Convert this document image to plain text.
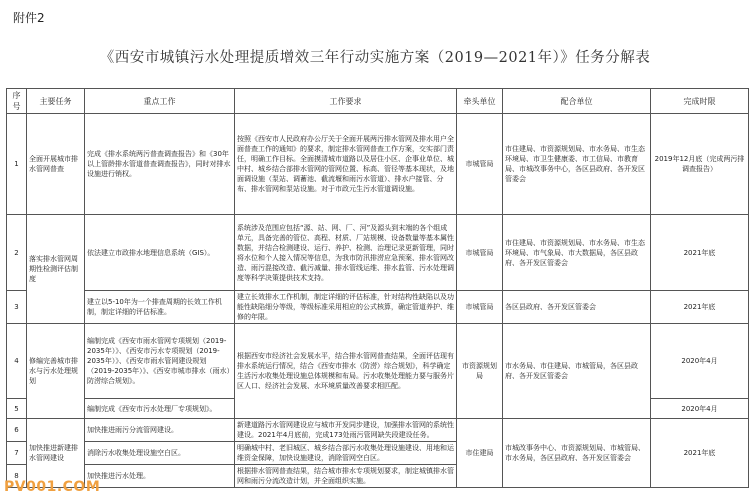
附件2
《西安市城镇污水处理提质增效三年行动实施方案（2019—2021年）》任务分解表
序号	主要任务	重点工作	工作要求	牵头单位	配合单位	完成时限
1	全面开展城市排水管网普查	完成《排水系统两污普查调查报告》和《30年以上管龄排水管道普查调查报告》，同时对排水设施进行销权。	按照《西安市人民政府办公厅关于全面开展两污排水管网及排水用户全面普查工作的通知》的要求，制定排水管网普查工作方案，交实部门责任，明确工作目标。全面摸清城市道路以及居住小区、企事业单位、城中村、城乡结合部排水管网的管网位置、标高、管径等基本现状，及地面调设施（泵站、调蓄池、截流堰和雨污水管道）、排水户接管、分布、排水管网和泵站设施。对于市政元生污水管道调设施。	市城管局	市住建局、市资源规划局、市水务局、市生态环境局、市卫生健康委、市工信局、市教育局、市城改事务中心，各区县政府、各开发区管委会	2019年12月底（完成两污排调查报告）
2	落实排水管网周期性检测评估制度	依法建立市政排水地理信息系统（GIS）。	系统涉及范围应包括“源、站、网、厂、河”及源头到末端的各个组成单元，具备完善的管位、高程、材质、厂站规模、设备数量等基本属性数据，并结合检测建设、运行、养护、检测、治理记录更新管理，同时将水位和个人接入情况等信息，为我市防汛排涝应急预案、排水管网改造、雨污混接改造、截污减量、排水管线运维、排水监管、污水处理调度等科学决策提供技术支持。	市城管局	市住建局、市资源规划局、市水务局、市生态环境局、市气象局、市大数据局，各区县政府、各开发区管委会	2021年底
3		建立以5-10年为一个排查周期的长效工作机制，制定详细的评估标准。	建立长效排水工作机制，制定详细的评估标准，针对结构性缺陷以及功能性缺陷细分等级，等级标准采用相应的公式核算，确定管道养护、维修的年限。	市城管局	各区县政府、各开发区管委会	2021年底
4	修编完善城市排水与污水处理规划	编制完成《西安市雨水管网专项规划（2019-2035年）》、《西安市污水专项规划（2019-2035年）》、《西安市雨水管网建设规划（2019-2035年）》、《西安市城市排水（雨水）防涝综合规划》。	根据西安市经济社会发展水平，结合排水管网普查结果，全面评估现有排水系统运行情况，结合《西安市排水（防涝）综合规划》，科学确定生活污水收集处理设施总体规模和布局。污水收集处理能力要与服务片区人口、经济社会发展、水环境质量改善要求相匹配。	市资源规划局	市水务局、市住建局、市城管局，各区县政府、各开发区管委会	2020年4月
5		编制完成《西安市污水处理厂专项规划》。				2020年4月
6	加快推进新建排水管网建设	加快推进雨污分流管网建设。	新建道路污水管网建设应与城市开发同步建设，加强排水管网的系统性建设。2021年4月底前，完成173处雨污管网缺失段建设任务。	市住建局	市城改事务中心、市资源规划局、市城管局、市水务局，各区县政府、各开发区管委会	2021年底
7		消除污水收集处理设施空白区。	明确城中村、老旧城区、城乡结合部污水收集处理设施建设、用地和运维资金保障，加快设施建设，消除管网空白区。			
8		加快推进污水处理。	根据排水管网普查结果，结合城市排水专项规划要求，制定城镇排水管网和雨污分流改造计划，并全面组织实施。			
PV001.COM
